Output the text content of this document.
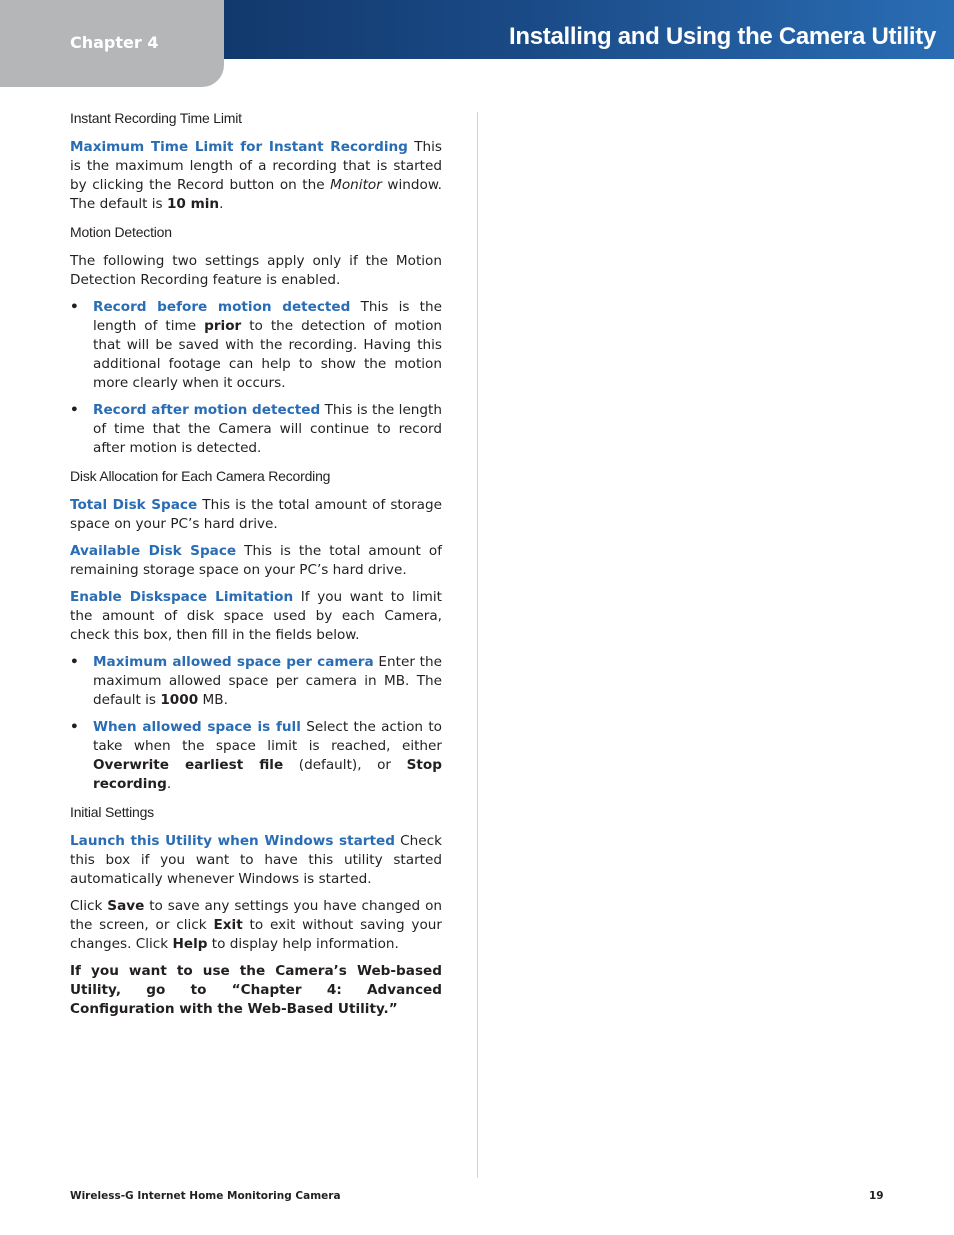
Chapter 4	Installing and Using the Camera Utility
Instant Recording Time Limit

Maximum Time Limit for Instant Recording This is the maximum length of a recording that is started by clicking the Record button on the Monitor window. The default is 10 min.

Motion Detection

The following two settings apply only if the Motion Detection Recording feature is enabled.

• Record before motion detected This is the length of time prior to the detection of motion that will be saved with the recording. Having this additional footage can help to show the motion more clearly when it occurs.
• Record after motion detected This is the length of time that the Camera will continue to record after motion is detected.
Disk Allocation for Each Camera Recording

Total Disk Space This is the total amount of storage space on your PC’s hard drive.

Available Disk Space This is the total amount of remaining storage space on your PC’s hard drive.

Enable Diskspace Limitation If you want to limit the amount of disk space used by each Camera, check this box, then fill in the fields below.

• Maximum allowed space per camera Enter the maximum allowed space per camera in MB. The default is 1000 MB.
• When allowed space is full Select the action to take when the space limit is reached, either Overwrite earliest file (default), or Stop recording.
Initial Settings

Launch this Utility when Windows started Check this box if you want to have this utility started automatically whenever Windows is started.

Click Save to save any settings you have changed on the screen, or click Exit to exit without saving your changes. Click Help to display help information.

If you want to use the Camera’s Web-based Utility, go to “Chapter 4: Advanced Configuration with the Web-Based Utility.”

Wireless-G Internet Home Monitoring Camera	19
